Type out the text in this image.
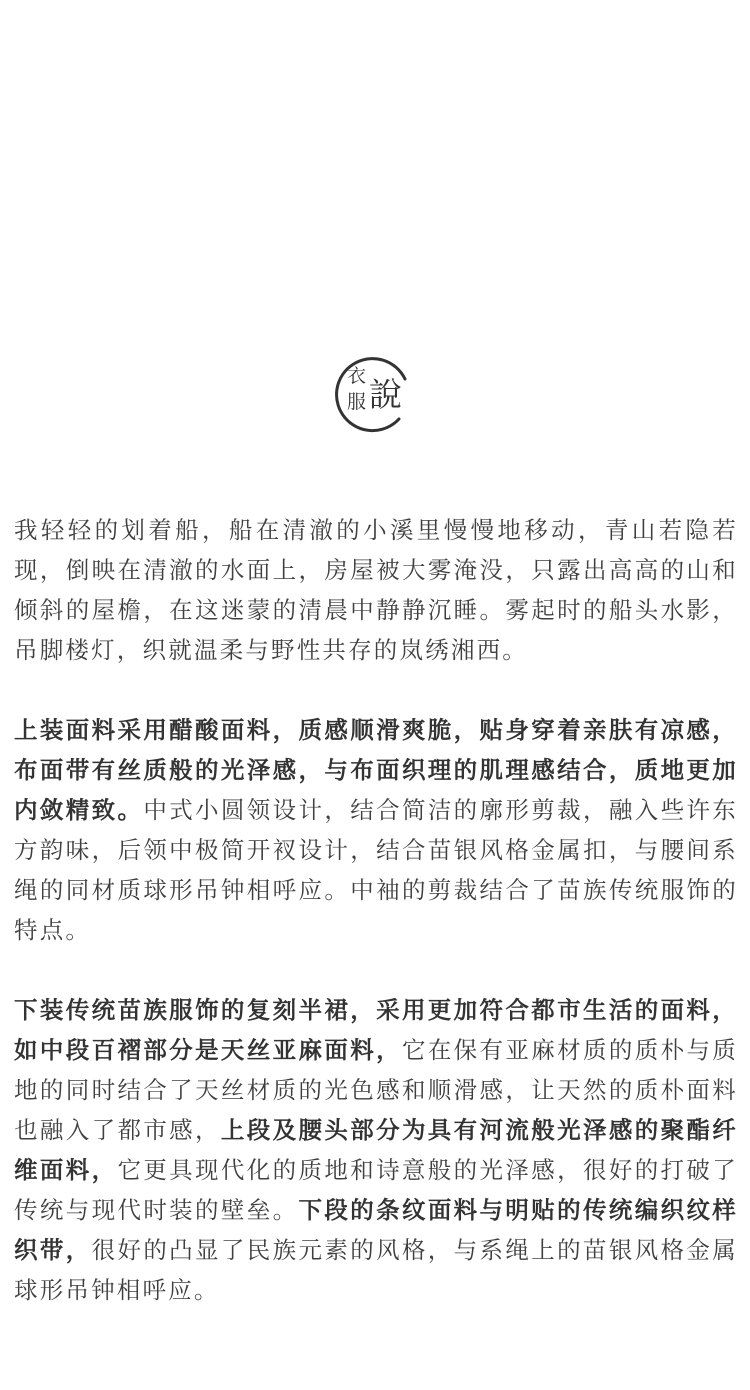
衣
服 說

我轻轻的划着船，船在清澈的小溪里慢慢地移动，青山若隐若现，倒映在清澈的水面上，房屋被大雾淹没，只露出高高的山和倾斜的屋檐，在这迷蒙的清晨中静静沉睡。雾起时的船头水影，吊脚楼灯，织就温柔与野性共存的岚绣湘西。

上装面料采用醋酸面料，质感顺滑爽脆，贴身穿着亲肤有凉感，布面带有丝质般的光泽感，与布面织理的肌理感结合，质地更加内敛精致。中式小圆领设计，结合简洁的廓形剪裁，融入些许东方韵味，后领中极简开衩设计，结合苗银风格金属扣，与腰间系绳的同材质球形吊钟相呼应。中袖的剪裁结合了苗族传统服饰的特点。

下装传统苗族服饰的复刻半裙，采用更加符合都市生活的面料，如中段百褶部分是天丝亚麻面料，它在保有亚麻材质的质朴与质地的同时结合了天丝材质的光色感和顺滑感，让天然的质朴面料也融入了都市感，上段及腰头部分为具有河流般光泽感的聚酯纤维面料，它更具现代化的质地和诗意般的光泽感，很好的打破了传统与现代时装的壁垒。下段的条纹面料与明贴的传统编织纹样织带，很好的凸显了民族元素的风格，与系绳上的苗银风格金属球形吊钟相呼应。
